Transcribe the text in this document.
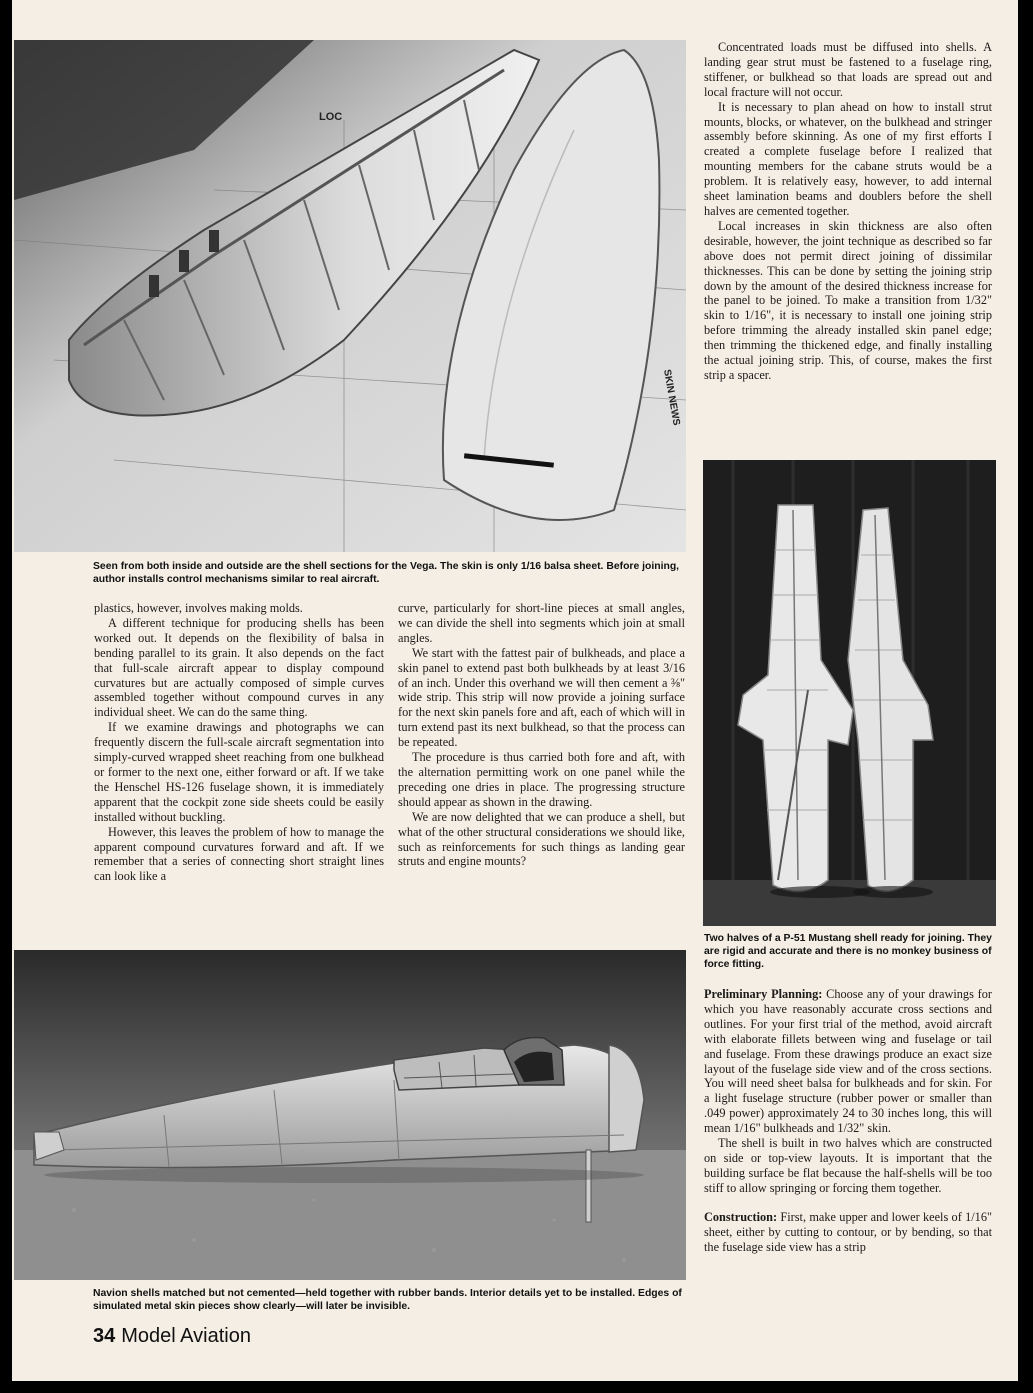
LOC
SKIN NEWS
Seen from both inside and outside are the shell sections for the Vega. The skin is only 1/16 balsa sheet. Before joining, author installs control mechanisms similar to real aircraft.

Concentrated loads must be diffused into shells. A landing gear strut must be fastened to a fuselage ring, stiffener, or bulkhead so that loads are spread out and local fracture will not occur.

It is necessary to plan ahead on how to install strut mounts, blocks, or whatever, on the bulkhead and stringer assembly before skinning. As one of my first efforts I created a complete fuselage before I realized that mounting members for the cabane struts would be a problem. It is relatively easy, however, to add internal sheet lamination beams and doublers before the shell halves are cemented together.

Local increases in skin thickness are also often desirable, however, the joint technique as described so far above does not permit direct joining of dissimilar thicknesses. This can be done by setting the joining strip down by the amount of the desired thickness increase for the panel to be joined. To make a transition from 1/32" skin to 1/16", it is necessary to install one joining strip before trimming the already installed skin panel edge; then trimming the thickened edge, and finally installing the actual joining strip. This, of course, makes the first strip a spacer.

Two halves of a P-51 Mustang shell ready for joining. They are rigid and accurate and there is no monkey business of force fitting.

plastics, however, involves making molds.

A different technique for producing shells has been worked out. It depends on the flexibility of balsa in bending parallel to its grain. It also depends on the fact that full-scale aircraft appear to display compound curvatures but are actually composed of simple curves assembled together without compound curves in any individual sheet. We can do the same thing.

If we examine drawings and photographs we can frequently discern the full-scale aircraft segmentation into simply-curved wrapped sheet reaching from one bulkhead or former to the next one, either forward or aft. If we take the Henschel HS-126 fuselage shown, it is immediately apparent that the cockpit zone side sheets could be easily installed without buckling.

However, this leaves the problem of how to manage the apparent compound curvatures forward and aft. If we remember that a series of connecting short straight lines can look like a

curve, particularly for short-line pieces at small angles, we can divide the shell into segments which join at small angles.

We start with the fattest pair of bulkheads, and place a skin panel to extend past both bulkheads by at least 3/16 of an inch. Under this overhand we will then cement a ⅜" wide strip. This strip will now provide a joining surface for the next skin panels fore and aft, each of which will in turn extend past its next bulkhead, so that the process can be repeated.

The procedure is thus carried both fore and aft, with the alternation permitting work on one panel while the preceding one dries in place. The progressing structure should appear as shown in the drawing.

We are now delighted that we can produce a shell, but what of the other structural considerations we should like, such as reinforcements for such things as landing gear struts and engine mounts?

Navion shells matched but not cemented—held together with rubber bands. Interior details yet to be installed. Edges of simulated metal skin pieces show clearly—will later be invisible.

Preliminary Planning: Choose any of your drawings for which you have reasonably accurate cross sections and outlines. For your first trial of the method, avoid aircraft with elaborate fillets between wing and fuselage or tail and fuselage. From these drawings produce an exact size layout of the fuselage side view and of the cross sections. You will need sheet balsa for bulkheads and for skin. For a light fuselage structure (rubber power or smaller than .049 power) approximately 24 to 30 inches long, this will mean 1/16" bulkheads and 1/32" skin.

The shell is built in two halves which are constructed on side or top-view layouts. It is important that the building surface be flat because the half-shells will be too stiff to allow springing or forcing them together.

Construction: First, make upper and lower keels of 1/16" sheet, either by cutting to contour, or by bending, so that the fuselage side view has a strip

34 Model Aviation
